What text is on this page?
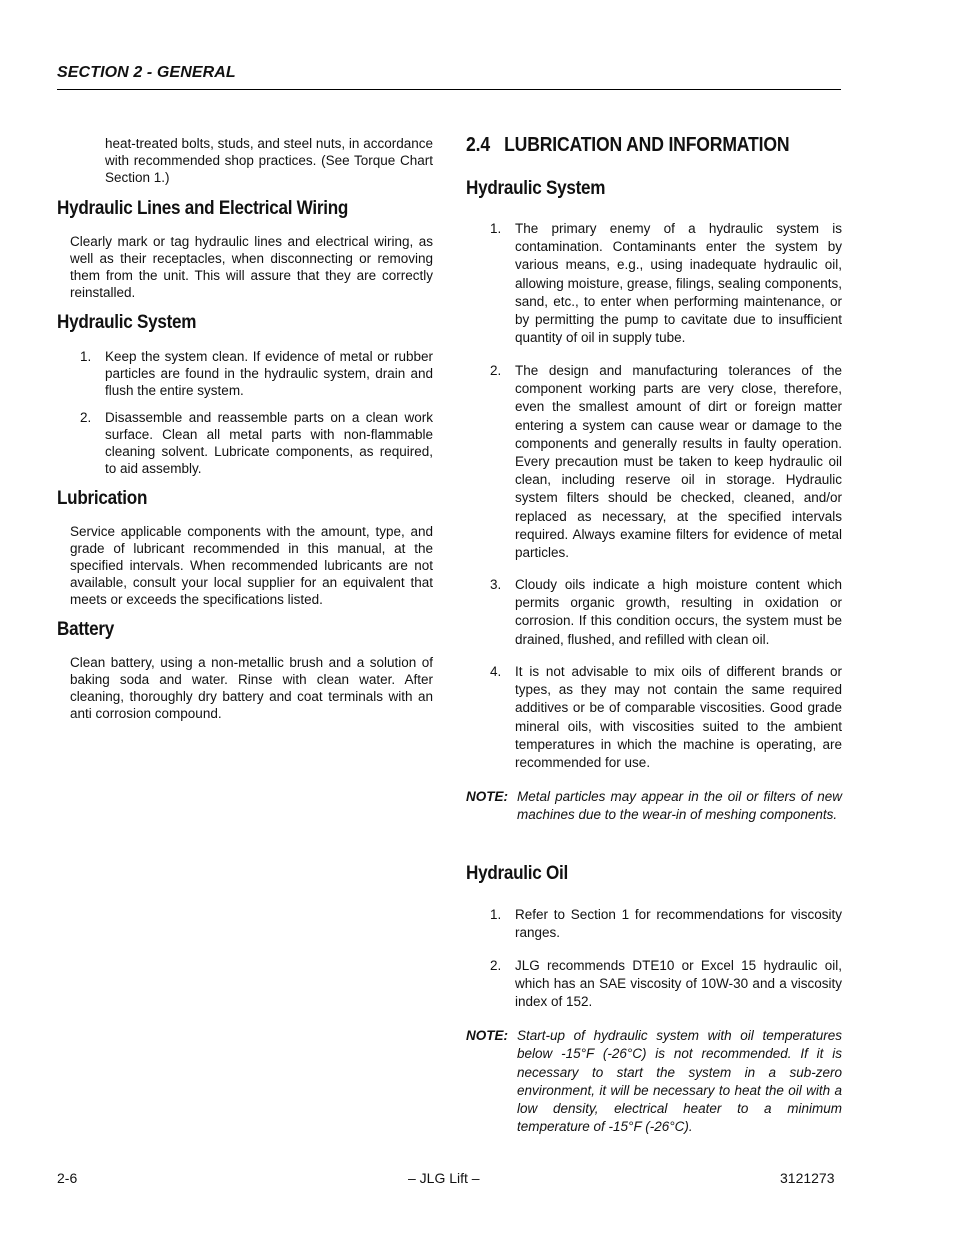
SECTION 2 - GENERAL

heat-treated bolts, studs, and steel nuts, in accordance with recommended shop practices. (See Torque Chart Section 1.)

Hydraulic Lines and Electrical Wiring

Clearly mark or tag hydraulic lines and electrical wiring, as well as their receptacles, when disconnecting or removing them from the unit. This will assure that they are correctly reinstalled.

Hydraulic System
1. Keep the system clean. If evidence of metal or rubber particles are found in the hydraulic system, drain and flush the entire system.
2. Disassemble and reassemble parts on a clean work surface. Clean all metal parts with non-flammable cleaning solvent. Lubricate components, as required, to aid assembly.
Lubrication

Service applicable components with the amount, type, and grade of lubricant recommended in this manual, at the specified intervals. When recommended lubricants are not available, consult your local supplier for an equivalent that meets or exceeds the specifications listed.

Battery

Clean battery, using a non-metallic brush and a solution of baking soda and water. Rinse with clean water. After cleaning, thoroughly dry battery and coat terminals with an anti corrosion compound.

2.4   LUBRICATION AND INFORMATION
Hydraulic System
1. The primary enemy of a hydraulic system is contamination. Contaminants enter the system by various means, e.g., using inadequate hydraulic oil, allowing moisture, grease, filings, sealing components, sand, etc., to enter when performing maintenance, or by permitting the pump to cavitate due to insufficient quantity of oil in supply tube.
2. The design and manufacturing tolerances of the component working parts are very close, therefore, even the smallest amount of dirt or foreign matter entering a system can cause wear or damage to the components and generally results in faulty operation. Every precaution must be taken to keep hydraulic oil clean, including reserve oil in storage. Hydraulic system filters should be checked, cleaned, and/or replaced as necessary, at the specified intervals required. Always examine filters for evidence of metal particles.
3. Cloudy oils indicate a high moisture content which permits organic growth, resulting in oxidation or corrosion. If this condition occurs, the system must be drained, flushed, and refilled with clean oil.
4. It is not advisable to mix oils of different brands or types, as they may not contain the same required additives or be of comparable viscosities. Good grade mineral oils, with viscosities suited to the ambient temperatures in which the machine is operating, are recommended for use.
NOTE: Metal particles may appear in the oil or filters of new machines due to the wear-in of meshing components.
Hydraulic Oil
1. Refer to Section 1 for recommendations for viscosity ranges.
2. JLG recommends DTE10 or Excel 15 hydraulic oil, which has an SAE viscosity of 10W-30 and a viscosity index of 152.
NOTE: Start-up of hydraulic system with oil temperatures below -15°F (-26°C) is not recommended. If it is necessary to start the system in a sub-zero environment, it will be necessary to heat the oil with a low density, electrical heater to a minimum temperature of -15°F (-26°C).
2-6	– JLG Lift –	3121273
